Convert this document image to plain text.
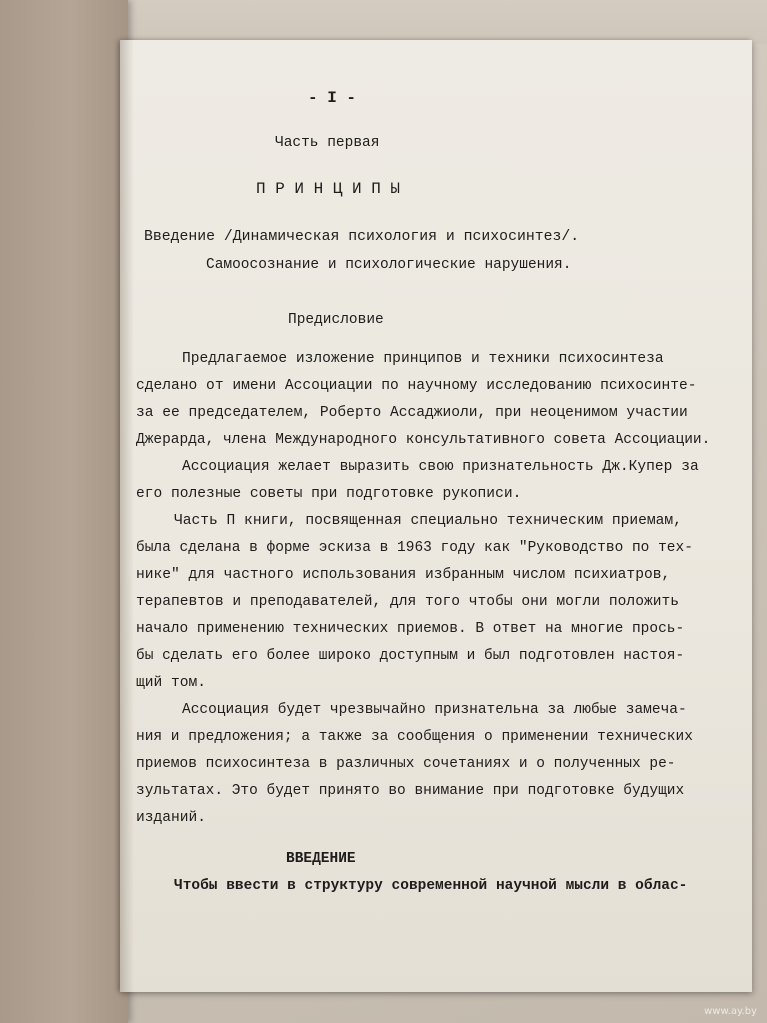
- I -
Часть первая
П Р И Н Ц И П Ы
Введение /Динамическая психология и психосинтез/.
Самоосознание и психологические нарушения.
Предисловие
Предлагаемое изложение принципов и техники психосинтеза
сделано от имени Ассоциации по научному исследованию психосинте-
за ее председателем, Роберто Ассаджиоли, при неоценимом участии
Джерарда, члена Международного консультативного совета Ассоциации.
Ассоциация желает выразить свою признательность Дж.Купер за
его полезные советы при подготовке рукописи.
Часть П книги, посвященная специально техническим приемам,
была сделана в форме эскиза в 1963 году как "Руководство по тех-
нике" для частного использования избранным числом психиатров,
терапевтов и преподавателей, для того чтобы они могли положить
начало применению технических приемов. В ответ на многие прось-
бы сделать его более широко доступным и был подготовлен настоя-
щий том.
Ассоциация будет чрезвычайно признательна за любые замеча-
ния и предложения; а также за сообщения о применении технических
приемов психосинтеза в различных сочетаниях и о полученных ре-
зультатах. Это будет принято во внимание при подготовке будущих
изданий.
ВВЕДЕНИЕ
Чтобы ввести в структуру современной научной мысли в облас-
www.ay.by
